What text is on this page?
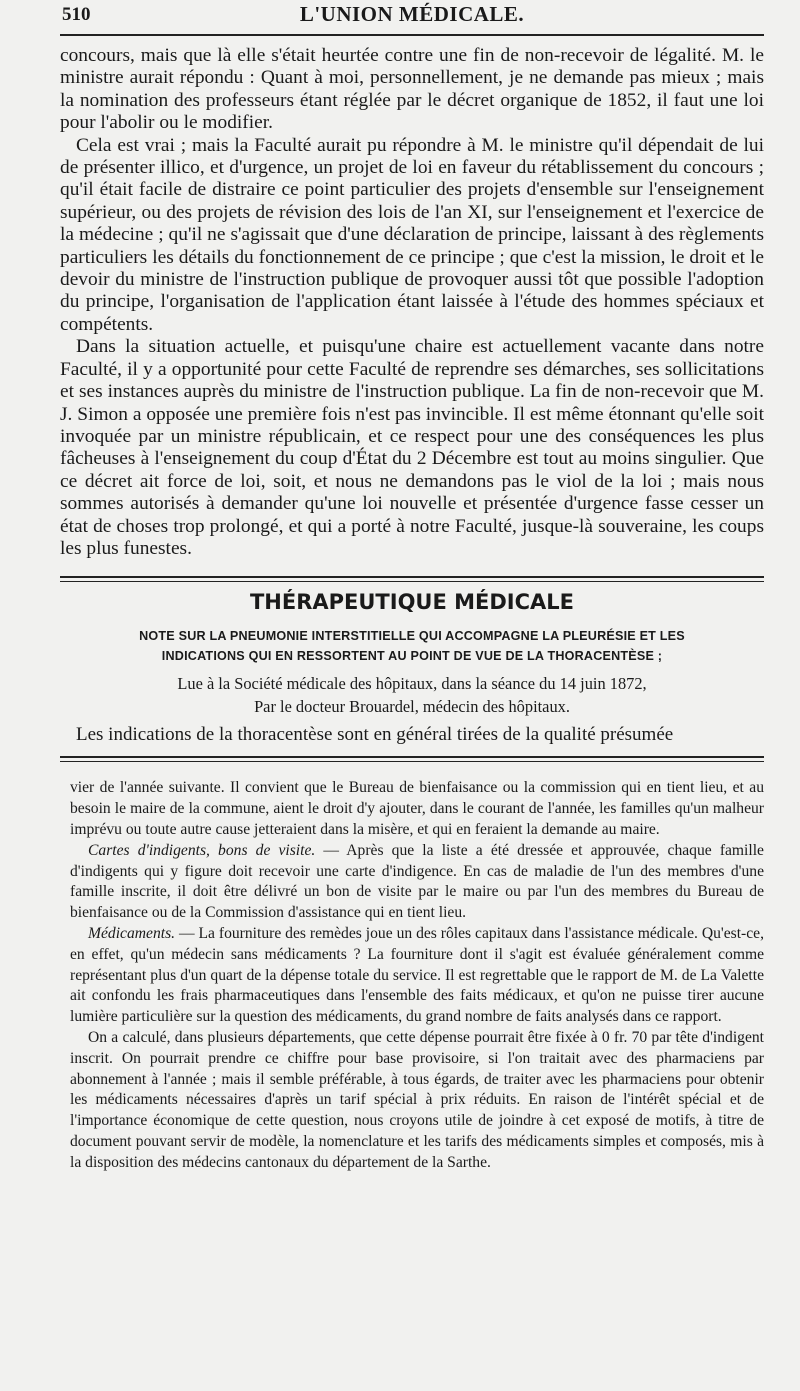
510	L'UNION MÉDICALE.

concours, mais que là elle s'était heurtée contre une fin de non-recevoir de légalité. M. le ministre aurait répondu : Quant à moi, personnellement, je ne demande pas mieux ; mais la nomination des professeurs étant réglée par le décret organique de 1852, il faut une loi pour l'abolir ou le modifier.

Cela est vrai ; mais la Faculté aurait pu répondre à M. le ministre qu'il dépendait de lui de présenter illico, et d'urgence, un projet de loi en faveur du rétablissement du concours ; qu'il était facile de distraire ce point particulier des projets d'ensemble sur l'enseignement supérieur, ou des projets de révision des lois de l'an XI, sur l'enseignement et l'exercice de la médecine ; qu'il ne s'agissait que d'une déclaration de principe, laissant à des règlements particuliers les détails du fonctionnement de ce principe ; que c'est la mission, le droit et le devoir du ministre de l'instruction publique de provoquer aussi tôt que possible l'adoption du principe, l'organisation de l'application étant laissée à l'étude des hommes spéciaux et compétents.

Dans la situation actuelle, et puisqu'une chaire est actuellement vacante dans notre Faculté, il y a opportunité pour cette Faculté de reprendre ses démarches, ses sollicitations et ses instances auprès du ministre de l'instruction publique. La fin de non-recevoir que M. J. Simon a opposée une première fois n'est pas invincible. Il est même étonnant qu'elle soit invoquée par un ministre républicain, et ce respect pour une des conséquences les plus fâcheuses à l'enseignement du coup d'État du 2 Décembre est tout au moins singulier. Que ce décret ait force de loi, soit, et nous ne demandons pas le viol de la loi ; mais nous sommes autorisés à demander qu'une loi nouvelle et présentée d'urgence fasse cesser un état de choses trop prolongé, et qui a porté à notre Faculté, jusque-là souveraine, les coups les plus funestes.

THÉRAPEUTIQUE MÉDICALE
NOTE SUR LA PNEUMONIE INTERSTITIELLE QUI ACCOMPAGNE LA PLEURÉSIE ET LES
INDICATIONS QUI EN RESSORTENT AU POINT DE VUE DE LA THORACENTÈSE ;
Lue à la Société médicale des hôpitaux, dans la séance du 14 juin 1872,
Par le docteur Brouardel, médecin des hôpitaux.
Les indications de la thoracentèse sont en général tirées de la qualité présumée

vier de l'année suivante. Il convient que le Bureau de bienfaisance ou la commission qui en tient lieu, et au besoin le maire de la commune, aient le droit d'y ajouter, dans le courant de l'année, les familles qu'un malheur imprévu ou toute autre cause jetteraient dans la misère, et qui en feraient la demande au maire.

Cartes d'indigents, bons de visite. — Après que la liste a été dressée et approuvée, chaque famille d'indigents qui y figure doit recevoir une carte d'indigence. En cas de maladie de l'un des membres d'une famille inscrite, il doit être délivré un bon de visite par le maire ou par l'un des membres du Bureau de bienfaisance ou de la Commission d'assistance qui en tient lieu.

Médicaments. — La fourniture des remèdes joue un des rôles capitaux dans l'assistance médicale. Qu'est-ce, en effet, qu'un médecin sans médicaments ? La fourniture dont il s'agit est évaluée généralement comme représentant plus d'un quart de la dépense totale du service. Il est regrettable que le rapport de M. de La Valette ait confondu les frais pharmaceutiques dans l'ensemble des faits médicaux, et qu'on ne puisse tirer aucune lumière particulière sur la question des médicaments, du grand nombre de faits analysés dans ce rapport.

On a calculé, dans plusieurs départements, que cette dépense pourrait être fixée à 0 fr. 70 par tête d'indigent inscrit. On pourrait prendre ce chiffre pour base provisoire, si l'on traitait avec des pharmaciens par abonnement à l'année ; mais il semble préférable, à tous égards, de traiter avec les pharmaciens pour obtenir les médicaments nécessaires d'après un tarif spécial à prix réduits. En raison de l'intérêt spécial et de l'importance économique de cette question, nous croyons utile de joindre à cet exposé de motifs, à titre de document pouvant servir de modèle, la nomenclature et les tarifs des médicaments simples et composés, mis à la disposition des médecins cantonaux du département de la Sarthe.
